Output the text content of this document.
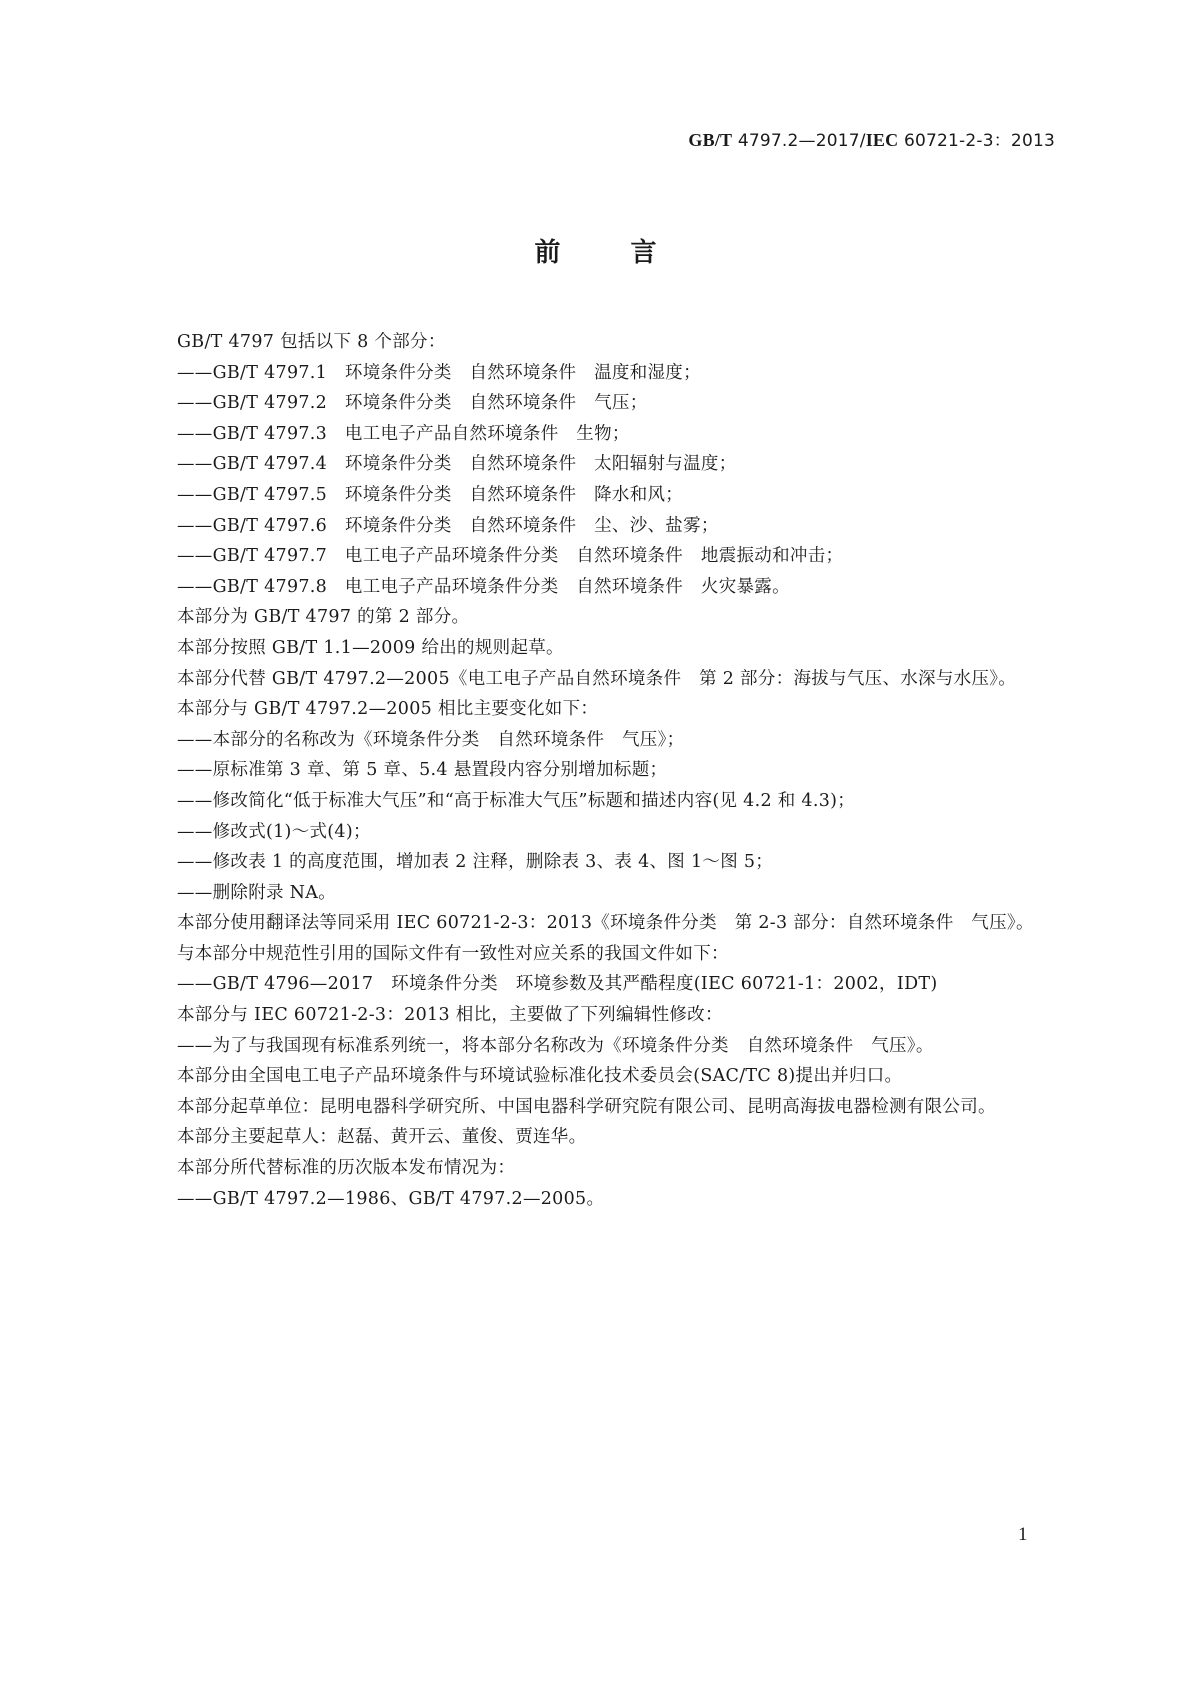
GB/T 4797.2—2017/IEC 60721-2-3：2013
前	言

GB/T 4797 包括以下 8 个部分：

——GB/T 4797.1　环境条件分类　自然环境条件　温度和湿度；

——GB/T 4797.2　环境条件分类　自然环境条件　气压；

——GB/T 4797.3　电工电子产品自然环境条件　生物；

——GB/T 4797.4　环境条件分类　自然环境条件　太阳辐射与温度；

——GB/T 4797.5　环境条件分类　自然环境条件　降水和风；

——GB/T 4797.6　环境条件分类　自然环境条件　尘、沙、盐雾；

——GB/T 4797.7　电工电子产品环境条件分类　自然环境条件　地震振动和冲击；

——GB/T 4797.8　电工电子产品环境条件分类　自然环境条件　火灾暴露。

本部分为 GB/T 4797 的第 2 部分。

本部分按照 GB/T 1.1—2009 给出的规则起草。

本部分代替 GB/T 4797.2—2005《电工电子产品自然环境条件　第 2 部分：海拔与气压、水深与水压》。

本部分与 GB/T 4797.2—2005 相比主要变化如下：

——本部分的名称改为《环境条件分类　自然环境条件　气压》；

——原标准第 3 章、第 5 章、5.4 悬置段内容分别增加标题；

——修改简化“低于标准大气压”和“高于标准大气压”标题和描述内容(见 4.2 和 4.3)；

——修改式(1)～式(4)；

——修改表 1 的高度范围，增加表 2 注释，删除表 3、表 4、图 1～图 5；

——删除附录 NA。

本部分使用翻译法等同采用 IEC 60721-2-3：2013《环境条件分类　第 2-3 部分：自然环境条件　气压》。

与本部分中规范性引用的国际文件有一致性对应关系的我国文件如下：

——GB/T 4796—2017　环境条件分类　环境参数及其严酷程度(IEC 60721-1：2002，IDT)

本部分与 IEC 60721-2-3：2013 相比，主要做了下列编辑性修改：

——为了与我国现有标准系列统一，将本部分名称改为《环境条件分类　自然环境条件　气压》。

本部分由全国电工电子产品环境条件与环境试验标准化技术委员会(SAC/TC 8)提出并归口。

本部分起草单位：昆明电器科学研究所、中国电器科学研究院有限公司、昆明高海拔电器检测有限公司。

本部分主要起草人：赵磊、黄开云、董俊、贾连华。

本部分所代替标准的历次版本发布情况为：

——GB/T 4797.2—1986、GB/T 4797.2—2005。

1
